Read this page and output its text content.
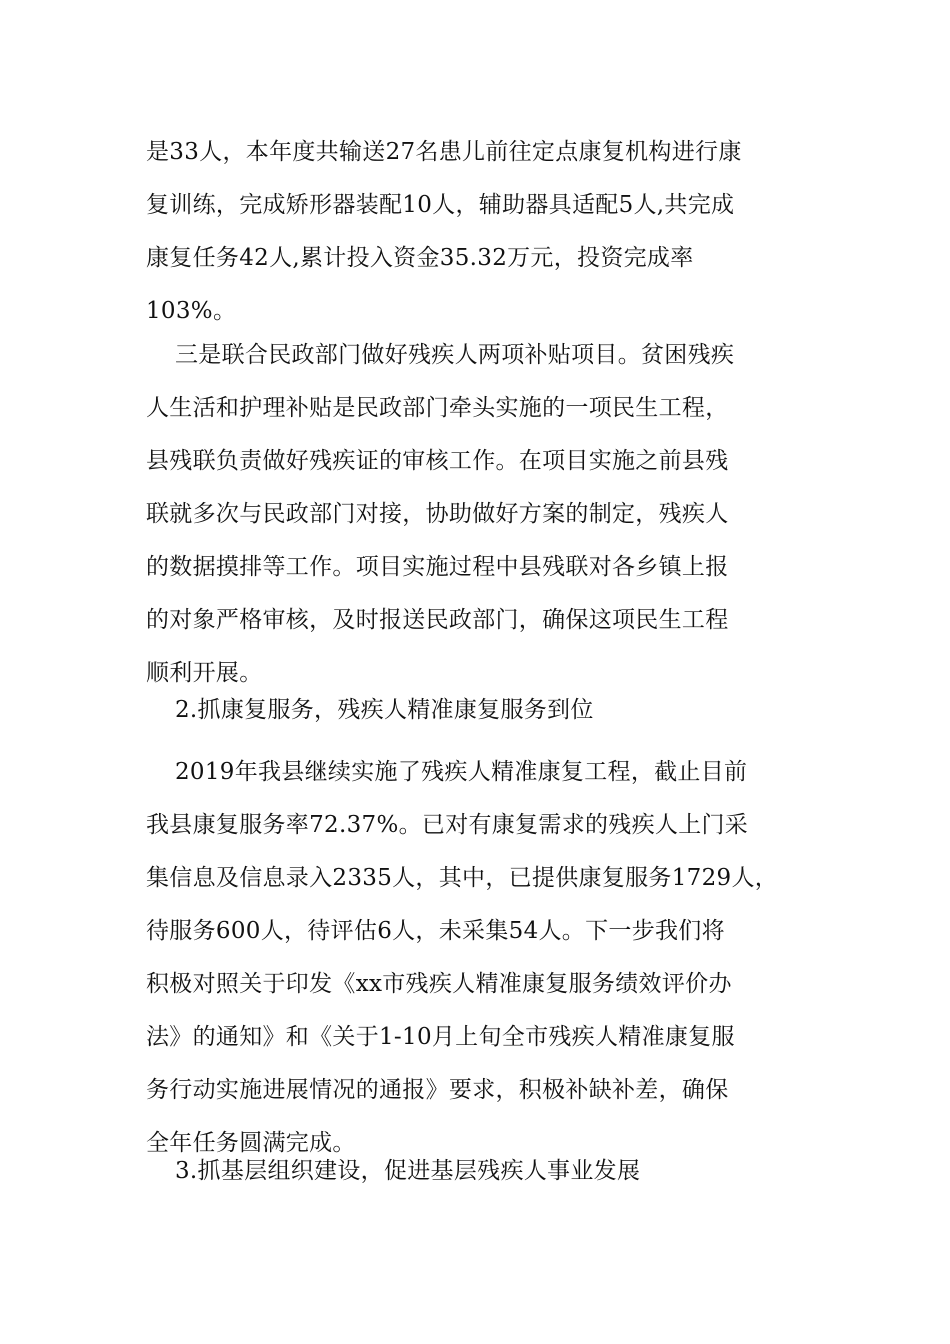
是33人，本年度共输送27名患儿前往定点康复机构进行康
复训练，完成矫形器装配10人，辅助器具适配5人,共完成
康复任务42人,累计投入资金35.32万元，投资完成率
103%。
三是联合民政部门做好残疾人两项补贴项目。贫困残疾
人生活和护理补贴是民政部门牵头实施的一项民生工程，
县残联负责做好残疾证的审核工作。在项目实施之前县残
联就多次与民政部门对接，协助做好方案的制定，残疾人
的数据摸排等工作。项目实施过程中县残联对各乡镇上报
的对象严格审核，及时报送民政部门，确保这项民生工程
顺利开展。
2.抓康复服务，残疾人精准康复服务到位
2019年我县继续实施了残疾人精准康复工程，截止目前
我县康复服务率72.37%。已对有康复需求的残疾人上门采
集信息及信息录入2335人，其中，已提供康复服务1729人，
待服务600人，待评估6人，未采集54人。下一步我们将
积极对照关于印发《xx市残疾人精准康复服务绩效评价办
法》的通知》和《关于1-10月上旬全市残疾人精准康复服
务行动实施进展情况的通报》要求，积极补缺补差，确保
全年任务圆满完成。
3.抓基层组织建设，促进基层残疾人事业发展
